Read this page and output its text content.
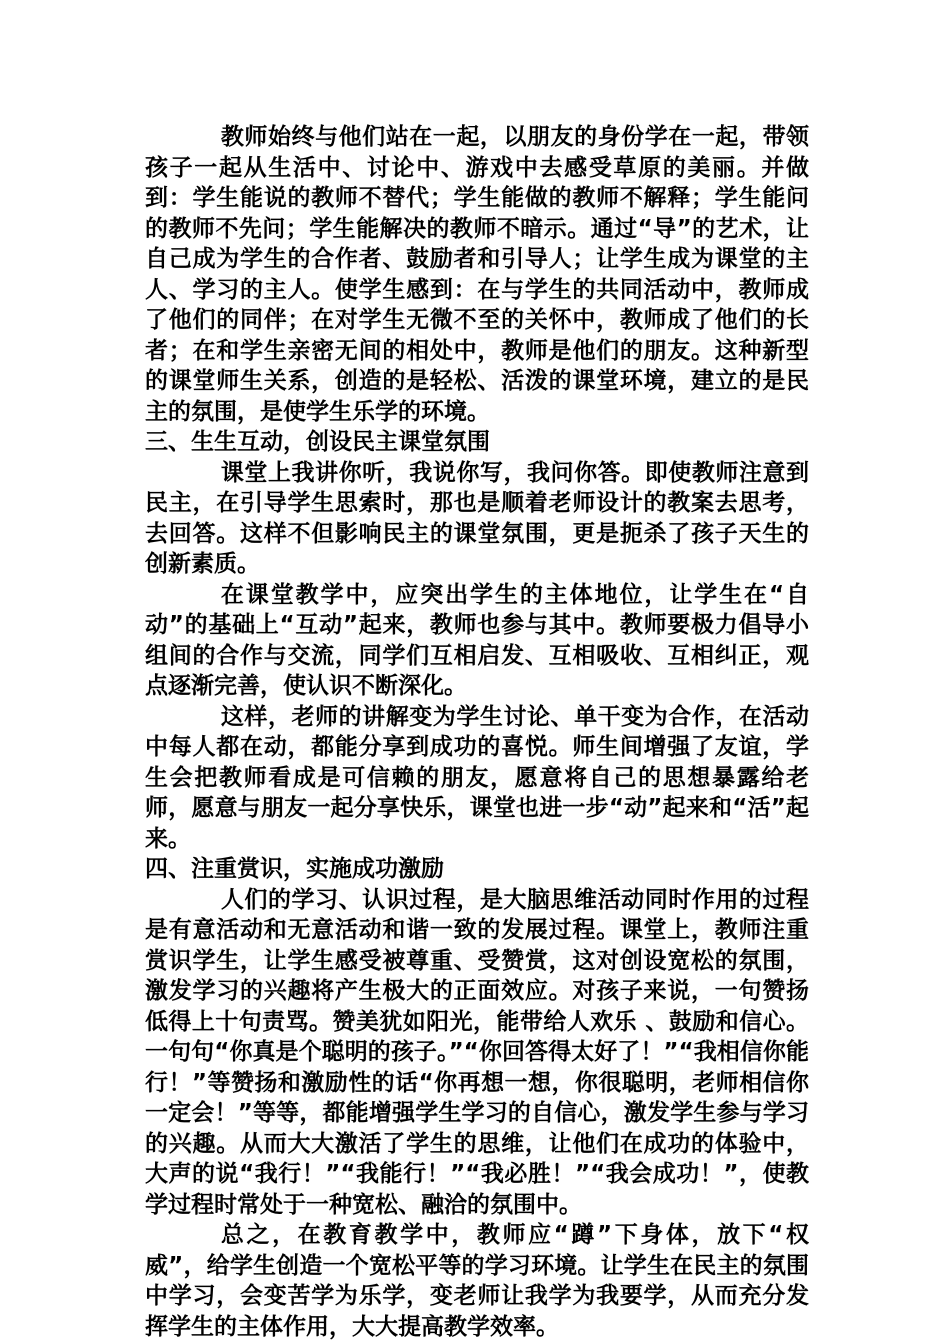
教师始终与他们站在一起，以朋友的身份学在一起，带领孩子一起从生活中、讨论中、游戏中去感受草原的美丽。并做到：学生能说的教师不替代；学生能做的教师不解释；学生能问的教师不先问；学生能解决的教师不暗示。通过“导”的艺术，让自己成为学生的合作者、鼓励者和引导人；让学生成为课堂的主人、学习的主人。使学生感到：在与学生的共同活动中，教师成了他们的同伴；在对学生无微不至的关怀中，教师成了他们的长者；在和学生亲密无间的相处中，教师是他们的朋友。这种新型的课堂师生关系，创造的是轻松、活泼的课堂环境，建立的是民主的氛围，是使学生乐学的环境。

三、生生互动，创设民主课堂氛围

课堂上我讲你听，我说你写，我问你答。即使教师注意到民主，在引导学生思索时，那也是顺着老师设计的教案去思考，去回答。这样不但影响民主的课堂氛围，更是扼杀了孩子天生的创新素质。

在课堂教学中，应突出学生的主体地位，让学生在“自动”的基础上“互动”起来，教师也参与其中。教师要极力倡导小组间的合作与交流，同学们互相启发、互相吸收、互相纠正，观点逐渐完善，使认识不断深化。

这样，老师的讲解变为学生讨论、单干变为合作，在活动中每人都在动，都能分享到成功的喜悦。师生间增强了友谊，学生会把教师看成是可信赖的朋友，愿意将自己的思想暴露给老师，愿意与朋友一起分享快乐，课堂也进一步“动”起来和“活”起来。

四、注重赏识，实施成功激励

人们的学习、认识过程，是大脑思维活动同时作用的过程是有意活动和无意活动和谐一致的发展过程。课堂上，教师注重赏识学生，让学生感受被尊重、受赞赏，这对创设宽松的氛围，激发学习的兴趣将产生极大的正面效应。对孩子来说，一句赞扬低得上十句责骂。赞美犹如阳光，能带给人欢乐 、鼓励和信心。一句句“你真是个聪明的孩子。”“你回答得太好了！”“我相信你能行！”等赞扬和激励性的话“你再想一想，你很聪明，老师相信你一定会！”等等，都能增强学生学习的自信心，激发学生参与学习的兴趣。从而大大激活了学生的思维，让他们在成功的体验中，大声的说“我行！”“我能行！”“我必胜！”“我会成功！”，使教学过程时常处于一种宽松、融洽的氛围中。

总之，在教育教学中，教师应“蹲”下身体，放下“权威”，给学生创造一个宽松平等的学习环境。让学生在民主的氛围中学习，会变苦学为乐学，变老师让我学为我要学，从而充分发挥学生的主体作用，大大提高教学效率。
